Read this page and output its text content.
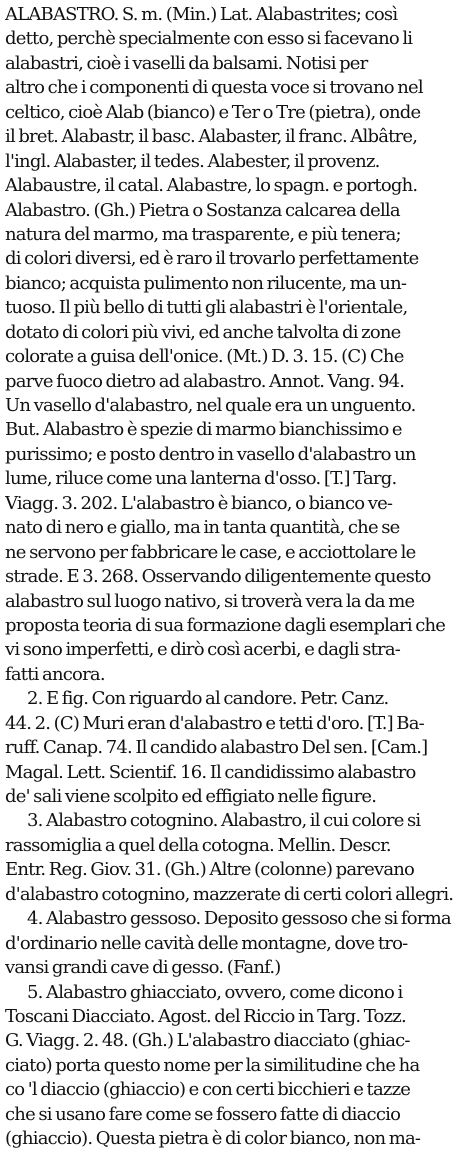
ALABASTRO. S. m. (Min.) Lat. Alabastrites; così
detto, perchè specialmente con esso si facevano li
alabastri, cioè i vaselli da balsami. Notisi per
altro che i componenti di questa voce si trovano nel
celtico, cioè Alab (bianco) e Ter o Tre (pietra), onde
il bret. Alabastr, il basc. Alabaster, il franc. Albâtre,
l'ingl. Alabaster, il tedes. Alabester, il provenz.
Alabaustre, il catal. Alabastre, lo spagn. e portogh.
Alabastro. (Gh.) Pietra o Sostanza calcarea della
natura del marmo, ma trasparente, e più tenera;
di colori diversi, ed è raro il trovarlo perfettamente
bianco; acquista pulimento non rilucente, ma un-
tuoso. Il più bello di tutti gli alabastri è l'orientale,
dotato di colori più vivi, ed anche talvolta di zone
colorate a guisa dell'onice. (Mt.) D. 3. 15. (C) Che
parve fuoco dietro ad alabastro. Annot. Vang. 94.
Un vasello d'alabastro, nel quale era un unguento.
But. Alabastro è spezie di marmo bianchissimo e
purissimo; e posto dentro in vasello d'alabastro un
lume, riluce come una lanterna d'osso. [T.] Targ.
Viagg. 3. 202. L'alabastro è bianco, o bianco ve-
nato di nero e giallo, ma in tanta quantità, che se
ne servono per fabbricare le case, e acciottolare le
strade. E 3. 268. Osservando diligentemente questo
alabastro sul luogo nativo, si troverà vera la da me
proposta teoria di sua formazione dagli esemplari che
vi sono imperfetti, e dirò così acerbi, e dagli stra-
fatti ancora.
2. E fig. Con riguardo al candore. Petr. Canz.
44. 2. (C) Muri eran d'alabastro e tetti d'oro. [T.] Ba-
ruff. Canap. 74. Il candido alabastro Del sen. [Cam.]
Magal. Lett. Scientif. 16. Il candidissimo alabastro
de' sali viene scolpito ed effigiato nelle figure.
3. Alabastro cotognino. Alabastro, il cui colore si
rassomiglia a quel della cotogna. Mellin. Descr.
Entr. Reg. Giov. 31. (Gh.) Altre (colonne) parevano
d'alabastro cotognino, mazzerate di certi colori allegri.
4. Alabastro gessoso. Deposito gessoso che si forma
d'ordinario nelle cavità delle montagne, dove tro-
vansi grandi cave di gesso. (Fanf.)
5. Alabastro ghiacciato, ovvero, come dicono i
Toscani Diacciato. Agost. del Riccio in Targ. Tozz.
G. Viagg. 2. 48. (Gh.) L'alabastro diacciato (ghiac-
ciato) porta questo nome per la similitudine che ha
co 'l diaccio (ghiaccio) e con certi bicchieri e tazze
che si usano fare come se fossero fatte di diaccio
(ghiaccio). Questa pietra è di color bianco, non ma-
